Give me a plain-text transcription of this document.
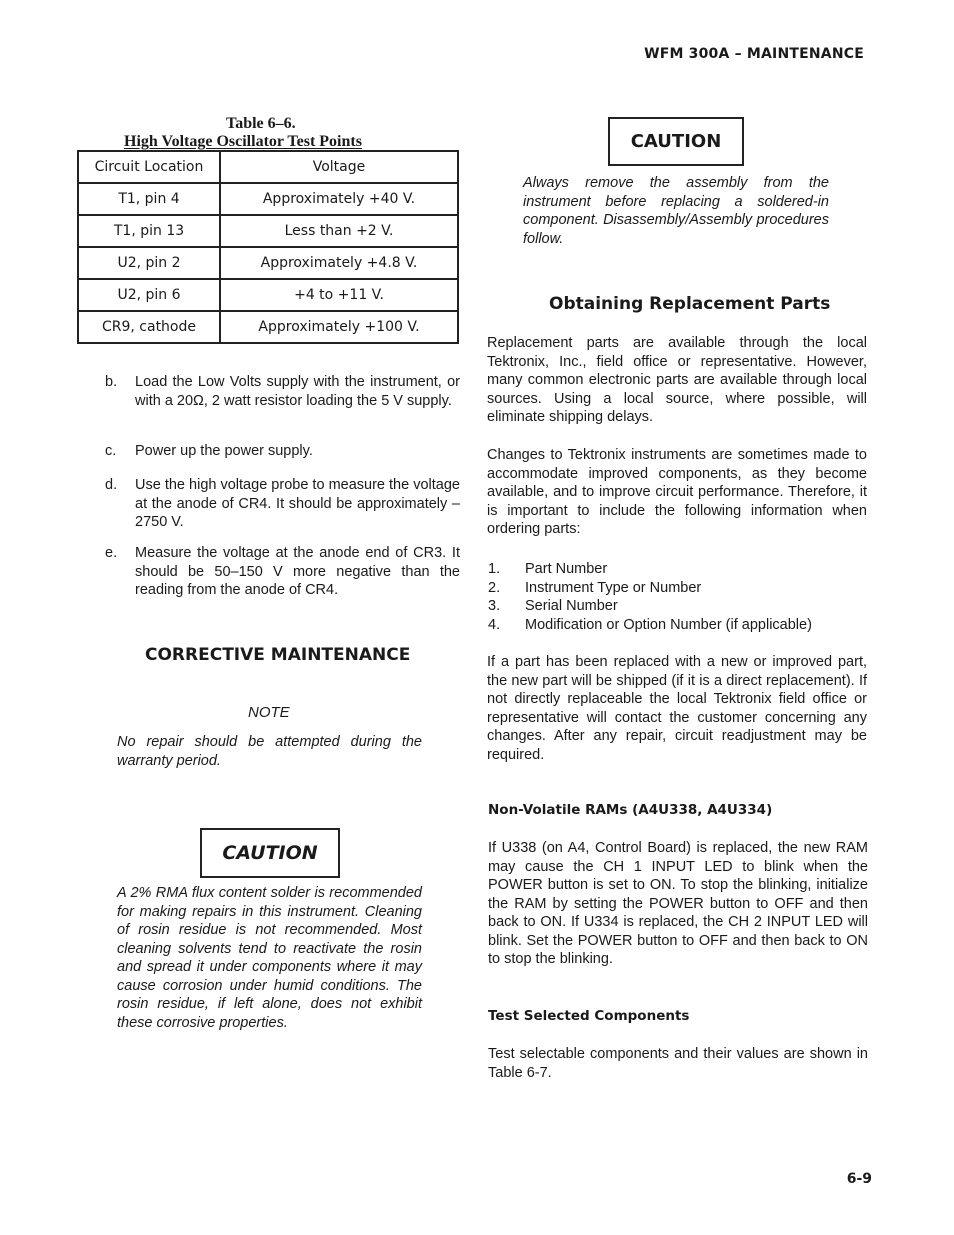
WFM 300A – MAINTENANCE
Table 6–6.
High Voltage Oscillator Test Points
Circuit Location	Voltage
T1, pin 4	Approximately +40 V.
T1, pin 13	Less than +2 V.
U2, pin 2	Approximately +4.8 V.
U2, pin 6	+4 to +11 V.
CR9, cathode	Approximately +100 V.
b. Load the Low Volts supply with the instrument, or with a 20Ω, 2 watt resistor loading the 5 V supply.
c. Power up the power supply.
d. Use the high voltage probe to measure the voltage at the anode of CR4. It should be approximately –2750 V.
e. Measure the voltage at the anode end of CR3. It should be 50–150 V more negative than the reading from the anode of CR4.
CORRECTIVE MAINTENANCE
NOTE
No repair should be attempted during the warranty period.
CAUTION
A 2% RMA flux content solder is recommended for making repairs in this instrument. Cleaning of rosin residue is not recommended. Most cleaning solvents tend to reactivate the rosin and spread it under components where it may cause corrosion under humid conditions. The rosin residue, if left alone, does not exhibit these corrosive properties.
CAUTION
Always remove the assembly from the instrument before replacing a soldered-in component. Disassembly/Assembly procedures follow.
Obtaining Replacement Parts
Replacement parts are available through the local Tektronix, Inc., field office or representative. However, many common electronic parts are available through local sources. Using a local source, where possible, will eliminate shipping delays.
Changes to Tektronix instruments are sometimes made to accommodate improved components, as they become available, and to improve circuit performance. Therefore, it is important to include the following information when ordering parts:
1. Part Number
2. Instrument Type or Number
3. Serial Number
4. Modification or Option Number (if applicable)
If a part has been replaced with a new or improved part, the new part will be shipped (if it is a direct replacement). If not directly replaceable the local Tektronix field office or representative will contact the customer concerning any changes. After any repair, circuit readjustment may be required.
Non-Volatile RAMs (A4U338, A4U334)
If U338 (on A4, Control Board) is replaced, the new RAM may cause the CH 1 INPUT LED to blink when the POWER button is set to ON. To stop the blinking, initialize the RAM by setting the POWER button to OFF and then back to ON. If U334 is replaced, the CH 2 INPUT LED will blink. Set the POWER button to OFF and then back to ON to stop the blinking.
Test Selected Components
Test selectable components and their values are shown in Table 6-7.
6-9
